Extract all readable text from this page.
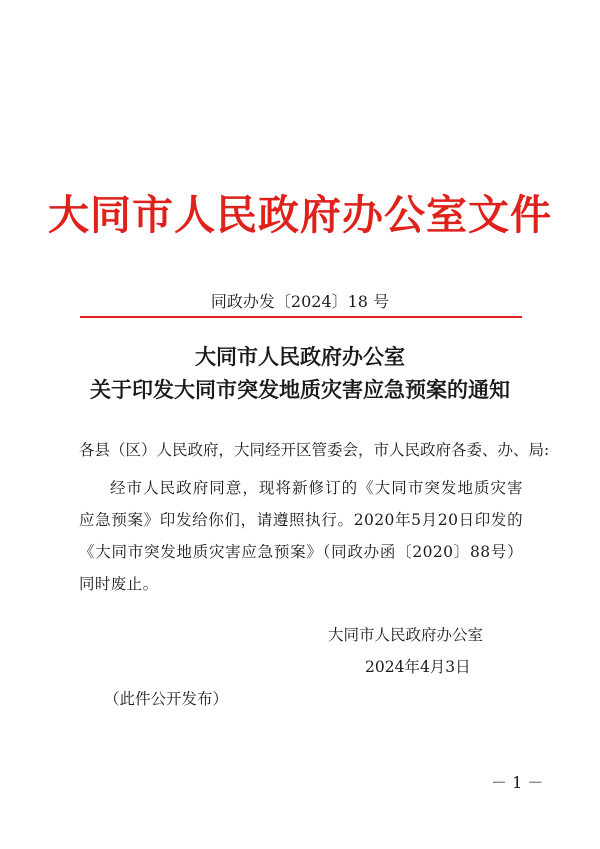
大同市人民政府办公室文件
同政办发〔2024〕18 号
大同市人民政府办公室
关于印发大同市突发地质灾害应急预案的通知
各县（区）人民政府，大同经开区管委会，市人民政府各委、办、局:
经市人民政府同意，现将新修订的《大同市突发地质灾害应急预案》印发给你们，请遵照执行。2020年5月20日印发的《大同市突发地质灾害应急预案》（同政办函〔2020〕88号）同时废止。
大同市人民政府办公室
2024年4月3日
（此件公开发布）
－ 1 －
